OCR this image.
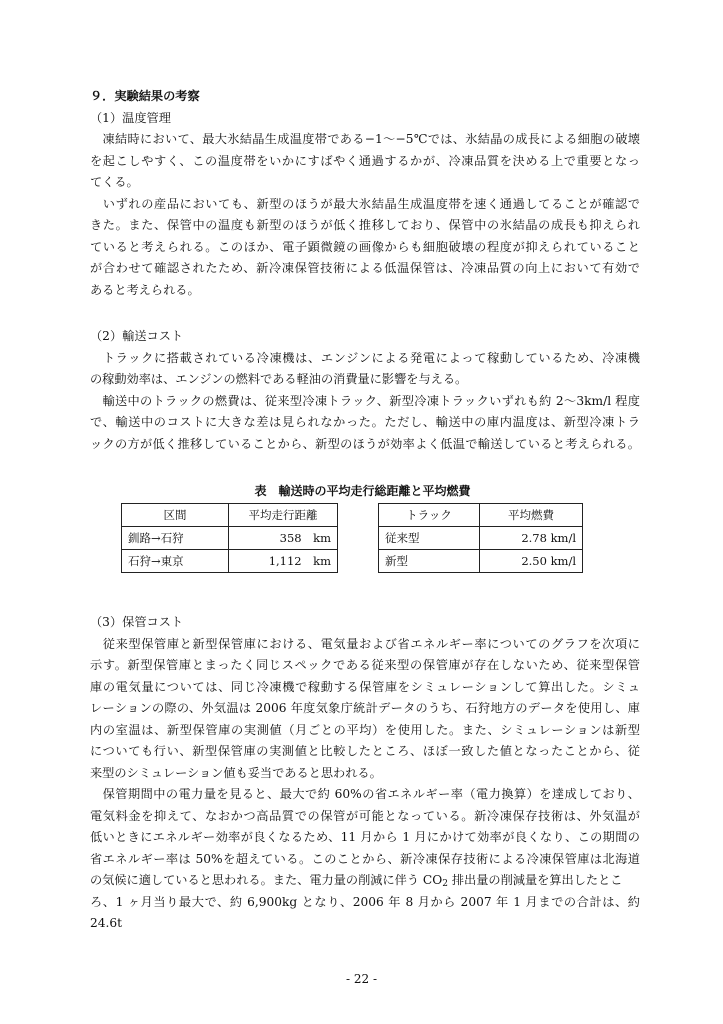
９．実験結果の考察
（1）温度管理
　凍結時において、最大氷結晶生成温度帯である−1〜−5℃では、氷結晶の成長による細胞の破壊
を起こしやすく、この温度帯をいかにすばやく通過するかが、冷凍品質を決める上で重要となっ
てくる。
　いずれの産品においても、新型のほうが最大氷結晶生成温度帯を速く通過してることが確認で
きた。また、保管中の温度も新型のほうが低く推移しており、保管中の氷結晶の成長も抑えられ
ていると考えられる。このほか、電子顕微鏡の画像からも細胞破壊の程度が抑えられていること
が合わせて確認されたため、新冷凍保管技術による低温保管は、冷凍品質の向上において有効で
あると考えられる。
（2）輸送コスト
　トラックに搭載されている冷凍機は、エンジンによる発電によって稼動しているため、冷凍機
の稼動効率は、エンジンの燃料である軽油の消費量に影響を与える。
　輸送中のトラックの燃費は、従来型冷凍トラック、新型冷凍トラックいずれも約 2〜3km/l 程度
で、輸送中のコストに大きな差は見られなかった。ただし、輸送中の庫内温度は、新型冷凍トラ
ックの方が低く推移していることから、新型のほうが効率よく低温で輸送していると考えられる。
表　輸送時の平均走行総距離と平均燃費
区間	平均走行距離
釧路→石狩	358　km
石狩→東京	1,112　km
トラック	平均燃費
従来型	2.78 km/l
新型	2.50 km/l
（3）保管コスト
　従来型保管庫と新型保管庫における、電気量および省エネルギー率についてのグラフを次項に
示す。新型保管庫とまったく同じスペックである従来型の保管庫が存在しないため、従来型保管
庫の電気量については、同じ冷凍機で稼動する保管庫をシミュレーションして算出した。シミュ
レーションの際の、外気温は 2006 年度気象庁統計データのうち、石狩地方のデータを使用し、庫
内の室温は、新型保管庫の実測値（月ごとの平均）を使用した。また、シミュレーションは新型
についても行い、新型保管庫の実測値と比較したところ、ほぼ一致した値となったことから、従
来型のシミュレーション値も妥当であると思われる。
　保管期間中の電力量を見ると、最大で約 60%の省エネルギー率（電力換算）を達成しており、
電気料金を抑えて、なおかつ高品質での保管が可能となっている。新冷凍保存技術は、外気温が
低いときにエネルギー効率が良くなるため、11 月から 1 月にかけて効率が良くなり、この期間の
省エネルギー率は 50%を超えている。このことから、新冷凍保存技術による冷凍保管庫は北海道
の気候に適していると思われる。また、電力量の削減に伴う $CO_2$ 排出量の削減量を算出したとこ
ろ、1 ヶ月当り最大で、約 6,900kg となり、2006 年 8 月から 2007 年 1 月までの合計は、約 24.6t
- 22 -
